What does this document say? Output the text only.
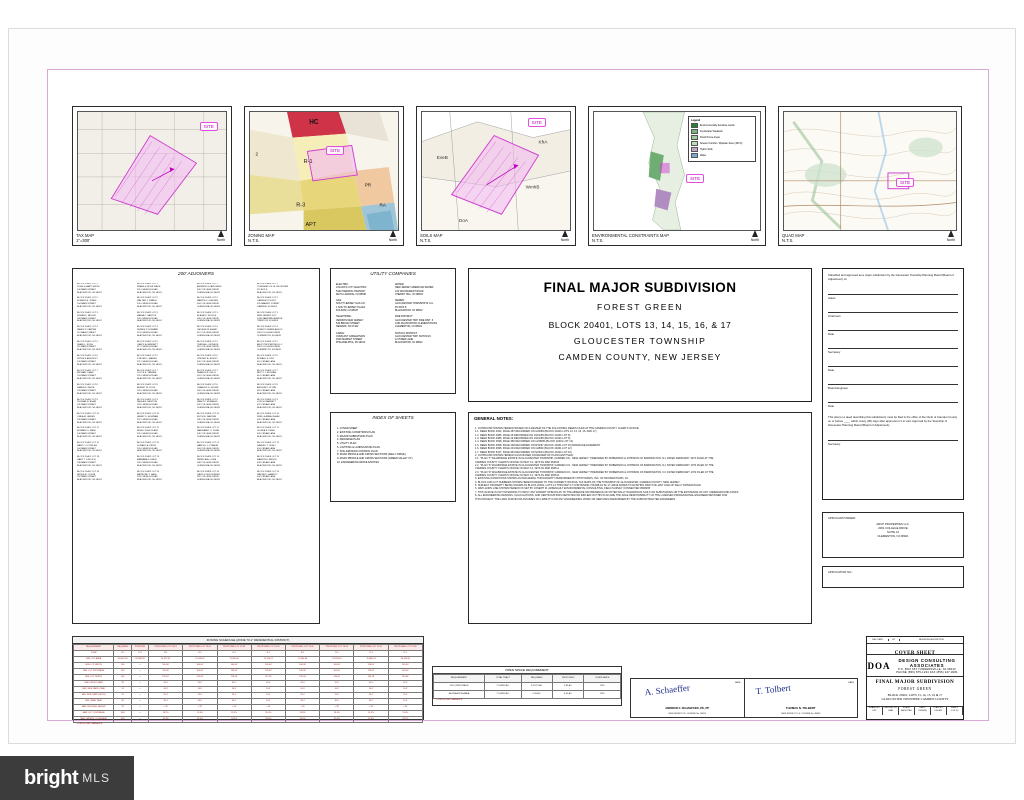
SITE
TAX MAP
1"=300'	North
HC
R-1
R-3
APT
PR
RA
2
SITE
ZONING MAP
N.T.S.	North
EveB
KfrA
WmhB
DoA
SITE
SOILS MAP
N.T.S.	North
SITE
Legend
Environmentally Sensitive Lands
Freshwater Wetlands
Flood Prone Areas
Stream Corridor / Riparian Zone (300 ft)
Hydric Soils
Water
ENVIRONMENTAL CONSTRAINTS MAP
N.T.S.	North
SITE
QUAD MAP
N.T.S.	North
200' ADJOINERS
BLOCK 20401 LOT 1
JOHN & MARY SMITH
100 MAIN STREET
BLACKWOOD, NJ 08012
BLOCK 20401 LOT 2
ROBERT A. JONES
104 MAIN STREET
BLACKWOOD, NJ 08012
BLOCK 20401 LOT 3
SUSAN K. MILLER
108 MAIN STREET
BLACKWOOD, NJ 08012
BLOCK 20401 LOT 4
JAMES P. CARTER
112 MAIN STREET
BLACKWOOD, NJ 08012
BLOCK 20401 LOT 5
DIANE L. ROSS
116 MAIN STREET
BLACKWOOD, NJ 08012
BLOCK 20401 LOT 6
PETER & ANN HOLT
120 MAIN STREET
BLACKWOOD, NJ 08012
BLOCK 20401 LOT 7
MICHAEL DEAN
124 MAIN STREET
BLACKWOOD, NJ 08012
BLOCK 20401 LOT 8
KAREN F. WHITE
128 MAIN STREET
BLACKWOOD, NJ 08012
BLOCK 20401 LOT 9
THOMAS R. BLAIR
132 MAIN STREET
BLACKWOOD, NJ 08012
BLOCK 20401 LOT 10
LINDA M. GREEN
136 MAIN STREET
BLACKWOOD, NJ 08012
BLOCK 20401 LOT 11
EDWARD S. PAGE
140 MAIN STREET
BLACKWOOD, NJ 08012
BLOCK 20401 LOT 12
NANCY J. FOWLER
144 MAIN STREET
BLACKWOOD, NJ 08012
BLOCK 20401 LOT 18
GARY T. LINCOLN
148 MAIN STREET
BLACKWOOD, NJ 08012
BLOCK 20401 LOT 19
HELEN R. COSTA
152 MAIN STREET
BLACKWOOD, NJ 08012
BLOCK 20402 LOT 1
FRANK & ROSE DAVIS
201 CHURCH ROAD
BLACKWOOD, NJ 08012
BLOCK 20402 LOT 2
WALTER J. KIMBLE
205 CHURCH ROAD
BLACKWOOD, NJ 08012
BLOCK 20402 LOT 3
MARIA C. SANTOS
209 CHURCH ROAD
BLACKWOOD, NJ 08012
BLOCK 20402 LOT 4
DENNIS P. HOWARD
213 CHURCH ROAD
BLACKWOOD, NJ 08012
BLOCK 20402 LOT 5
CAROL A. BENNETT
217 CHURCH ROAD
BLACKWOOD, NJ 08012
BLOCK 20402 LOT 6
STEVEN L. MARSH
221 CHURCH ROAD
BLACKWOOD, NJ 08012
BLOCK 20402 LOT 7
JOYCE E. TANNER
225 CHURCH ROAD
BLACKWOOD, NJ 08012
BLOCK 20402 LOT 8
ALBERT W. FOSS
229 CHURCH ROAD
BLACKWOOD, NJ 08012
BLOCK 20402 LOT 9
PAULA R. NEWTON
233 CHURCH ROAD
BLACKWOOD, NJ 08012
BLOCK 20402 LOT 10
HENRY D. BOWMAN
237 CHURCH ROAD
BLACKWOOD, NJ 08012
BLOCK 20402 LOT 11
RITA & JOHN CLARY
241 CHURCH ROAD
BLACKWOOD, NJ 08012
BLOCK 20402 LOT 12
DONALD A. PRICE
245 CHURCH ROAD
BLACKWOOD, NJ 08012
BLOCK 20402 LOT 13
BARBARA S. KEEN
249 CHURCH ROAD
BLACKWOOD, NJ 08012
BLOCK 20402 LOT 14
RAYMOND T. HALE
253 CHURCH ROAD
BLACKWOOD, NJ 08012
BLOCK 20403 LOT 1
ANDREW & KATE REED
300 COLLEGE DRIVE
GLENDORA, NJ 08029
BLOCK 20403 LOT 2
MARTIN V. OSBORN
304 COLLEGE DRIVE
GLENDORA, NJ 08029
BLOCK 20403 LOT 3
ELAINE F. WOODS
308 COLLEGE DRIVE
GLENDORA, NJ 08029
BLOCK 20403 LOT 4
GEORGE M. ASHBY
312 COLLEGE DRIVE
GLENDORA, NJ 08029
BLOCK 20403 LOT 5
TERESA L. MONROE
316 COLLEGE DRIVE
GLENDORA, NJ 08029
BLOCK 20403 LOT 6
VINCENT A. RUSSO
320 COLLEGE DRIVE
GLENDORA, NJ 08029
BLOCK 20403 LOT 7
SHARON E. KELLY
324 COLLEGE DRIVE
GLENDORA, NJ 08029
BLOCK 20403 LOT 8
CHARLES D. NOLAN
328 COLLEGE DRIVE
GLENDORA, NJ 08029
BLOCK 20403 LOT 9
JANET P. MORALES
332 COLLEGE DRIVE
GLENDORA, NJ 08029
BLOCK 20403 LOT 10
KEITH R. SAWYER
336 COLLEGE DRIVE
GLENDORA, NJ 08029
BLOCK 20403 LOT 11
MARGARET O. DUNN
340 COLLEGE DRIVE
GLENDORA, NJ 08029
BLOCK 20403 LOT 12
HAROLD J. STRAUB
344 COLLEGE DRIVE
GLENDORA, NJ 08029
BLOCK 20403 LOT 13
PATRICIA A. LOWE
348 COLLEGE DRIVE
GLENDORA, NJ 08029
BLOCK 20403 LOT 14
DAVID & SUE NORRIS
352 COLLEGE DRIVE
GLENDORA, NJ 08029
BLOCK 20404 LOT 1
TOWNSHIP OF GLOUCESTER
PO BOX 8
BLACKWOOD, NJ 08012
BLOCK 20404 LOT 2
CAMDEN COUNTY
520 MARKET STREET
CAMDEN, NJ 08102
BLOCK 20404 LOT 3
NEW JERSEY DOT
1035 PARKWAY AVENUE
TRENTON, NJ 08625
BLOCK 20404 LOT 4
FOREST GREEN ASSOC.
2001 COLLEGE DRIVE
CLEMENTON, NJ 08021
BLOCK 20404 LOT 5
ARCP PROPERTIES LLC
2001 COLLEGE DRIVE
CLEMENTON, NJ 08021
BLOCK 20404 LOT 6
RONALD K. IVEY
410 CEDAR LANE
BLACKWOOD, NJ 08012
BLOCK 20404 LOT 7
BETTY J. MCLEAN
414 CEDAR LANE
BLACKWOOD, NJ 08012
BLOCK 20404 LOT 8
ARTHUR P. FLYNN
418 CEDAR LANE
BLACKWOOD, NJ 08012
BLOCK 20404 LOT 9
LOIS M. BARRETT
422 CEDAR LANE
BLACKWOOD, NJ 08012
BLOCK 20404 LOT 10
FRED & ANNA CHASE
426 CEDAR LANE
BLACKWOOD, NJ 08012
BLOCK 20404 LOT 11
GLORIA R. PENN
430 CEDAR LANE
BLACKWOOD, NJ 08012
BLOCK 20404 LOT 12
SAMUEL T. ODELL
434 CEDAR LANE
BLACKWOOD, NJ 08012
BLOCK 20404 LOT 13
MARION E. BRUCE
438 CEDAR LANE
BLACKWOOD, NJ 08012
BLOCK 20404 LOT 14
WAYNE F. GARRITY
442 CEDAR LANE
BLACKWOOD, NJ 08012
UTILITY COMPANIES
ELECTRIC:
ATLANTIC CITY ELECTRIC
5100 HARDING HIGHWAY
MAYS LANDING, NJ 08330
GAS:
SOUTH JERSEY GAS CO.
1 SOUTH JERSEY PLAZA
FOLSOM, NJ 08037
TELEPHONE:
VERIZON NEW JERSEY
540 BROAD STREET
NEWARK, NJ 07102
CABLE:
COMCAST CABLEVISION
1500 MARKET STREET
PHILADELPHIA, PA 19102
WATER:
NEW JERSEY AMERICAN WATER
131 WOODCREST ROAD
CHERRY HILL, NJ 08003
SEWER:
GLOUCESTER TOWNSHIP M.U.A.
PO BOX 8
BLACKWOOD, NJ 08012
FIRE DISTRICT:
GLOUCESTER TWP. FIRE DIST. 3
1261 BLACKWOOD CLEMENTON RD
CLEMENTON, NJ 08021
SCHOOL DISTRICT:
GLOUCESTER TWP. SCHOOLS
12 HIDER LANE
BLACKWOOD, NJ 08012
INDEX OF SHEETS
1. COVER SHEET
2. EXISTING CONDITIONS PLAN
3. MAJOR SUBDIVISION PLAN
4. DRAINAGE PLAN
5. UTILITY PLAN
6. LIGHTING & LANDSCAPING PLAN
7. SOIL EROSION CONTROL PLAN
8. ROAD PROFILE AND CROSS SECTIONS (KELLY DRIVE)
9. ROAD PROFILE AND CROSS SECTIONS (GREEN VALLEY CT)
10. ENGINEERING DETAILS/NOTES
FINAL MAJOR SUBDIVISION
FOREST GREEN
BLOCK 20401, LOTS 13, 14, 15, 16, & 17
GLOUCESTER TOWNSHIP
CAMDEN COUNTY, NEW JERSEY
GENERAL NOTES:
1. OUTBOUND SHOWN HEREON BASED ON A REVIEW OF THE FOLLOWING DEEDS FILED AT THE CAMDEN COUNTY CLERK'S OFFICE:
1.1. DEED BOOK 4032, PAGE 487 RECORDED ON 1/20/89 (BLOCK 20401 LOTS 13, 14, 15, 16, AND 17)
1.2. DEED BOOK 4086, PAGE 26 RECORDED ON 10/21/89 (BLOCK 20401 LOT 8)
1.3. DEED BOOK 4086, PAGE 29 RECORDED ON 10/21/89 (BLOCK 20401 LOT 9)
1.4. DEED BOOK 4848, PAGE 350 RECORDED ON 11/28/95 (BLOCK 20401 LOT 14)
1.5. DEED BOOK 4968, PAGE 248 RECORDED ON 8/11/97 (BLOCK 20401 LOT 15) DRAINAGE EASEMENT
1.6. DEED BOOK 4998, PAGE 201 RECORDED ON 11/8/00 (BLOCK 20401 LOT 12)
1.7. DEED BOOK 5167, PAGE 964 RECORDED ON 5/23/01 (BLOCK 20401 LOT 16)
2. OUTBOUND SHOWN HEREON ALSO BASED ON REVIEW OF PLANS ENTITLED:
2.1. "PLAN 'T' WILLBRIDGE ESTATE IN GLOUCESTER TOWNSHIP, CAMDEN CO., NEW JERSEY" PREPARED BY ROBERSON & JOHNSON OF BARRINGTON, NJ, DATED FEBRUARY 1972 FILED AT THE
CAMDEN COUNTY CLERK'S OFFICE ON MAY 14, 1973 AS MAP #945-B
2.2. "PLAN 'S' WILLBRIDGE ESTATE IN GLOUCESTER TOWNSHIP, CAMDEN CO., NEW JERSEY" PREPARED BY ROBERSON & JOHNSON OF BARRINGTON, NJ, DATED FEBRUARY 1972 FILED AT THE
CAMDEN COUNTY CLERK'S OFFICE ON MAY 14, 1973 AS MAP #945-A
2.3. "PLAN 'D' WILLBRIDGE ESTATE IN GLOUCESTER TOWNSHIP, CAMDEN CO., NEW JERSEY" PREPARED BY ROBERSON & JOHNSON OF BARRINGTON, NJ, DATED FEBRUARY 1972 FILED AT THE
CAMDEN COUNTY CLERK'S OFFICE ON MAY 14, 1973 AS MAP #945-D
3. EXISTING CONDITIONS SHOWN AS PER AERIAL TOPOGRAPHY PERFORMED BY PHOTOMAPS, INC. OF MOORESTOWN, NJ.
4. BLOCK AND LOT NUMBERS SHOWN HEREON REFER TO THE CURRENT OFFICIAL TAX MAPS OF THE TOWNSHIP OF GLOUCESTER, CAMDEN COUNTY, NEW JERSEY.
5. SUBJECT PROPERTY BEING KNOWN AS BLOCK 20401, LOTS 13 THROUGH 17 CONTAINING 728,848.91 SF 17.44916 ACRES TO EXISTING RIGHT-OF-WAY LINE OF KELLY DRIVER ROAD
6. WETLANDS LINE SHOWN HEREON IS SET BY JOSEPH M. ARSENAULT ENVIRONMENTAL CONSULTING, FIELD SURVEY CONNECTED 05/08/05
7. THIS OFFICE IS NOT INTENDING TO IMPLY ANY EXPERT OPINION AS TO THE ABSENCE OR PRESENCE OF POTENTIALLY HAZARDOUS SOILS OR SUBSTANCES OR THE EXISTENCE OF ANY UNDERGROUND TANKS.
8. ALL ENGINEERING DESIGNS, CALCULATIONS, AND CERTIFICATIONS DEPICTED OR IMPLIED ON THIS PLAN ARE THE SOLE RESPONSIBILITY OF THE LICENSED PROFESSIONAL ENGINEER RETAINED FOR
THIS PROJECT. THE LAND SURVEYOR ASSUMES NO LIABILITY FOR ANY ENGINEERING WORK OR SERVICES PERFORMED BY THE SUBCONTRACTED ENGINEERS.
Classified and approved as a major subdivision by the Gloucester Township Planning Board (Board of Adjustment) on
Attest
Chairman
Date
Secretary
Date
Board Engineer
Date
This plat (or a deed describing this subdivision) must be filed in the office of the Clerk of Camden County on or before ____ within ninety (90) days after approval or it is void. Approval by the Township of Gloucester Planning Board (Board of Adjustment).
Secretary
APPLICANT/OWNER:
ARCP PROPERTIES LLC.
2001 COLLEGE DRIVE
SUITE 12
CLEMENTON, NJ 08021
APPLICATION NO.:
ZONING SCHEDULE (ZONE "R-1" RESIDENTIAL DISTRICT)
REQUIREMENT	REQUIRED	EXISTING	PROPOSED LOT 13.01	PROPOSED LOT 13.02	PROPOSED LOT 13.03	PROPOSED LOT 13.04	PROPOSED LOT 13.05	PROPOSED LOT 13.06	PROPOSED LOT 13.07	PROPOSED LOT 13.08
ZONE	R-1	R-1	R-1	R-1	R-1	R-1	R-1	R-1	R-1	R-1
MIN. LOT AREA	10,000 S.F.	728,848.91	14,357.42	12,508.01	11,905.60	11,760.22	12,044.08	13,226.50	15,880.31	20,420.66
MIN. LOT WIDTH	100'	---	110.00'	100.00'	100.00'	100.00'	100.00'	105.00'	118.00'	140.00'
MIN. LOT FRONTAGE	100'	---	110.00'	100.00'	100.00'	100.00'	100.00'	105.00'	118.00'	140.00'
MIN. LOT DEPTH	100'	---	130.52'	125.08'	119.06'	117.60'	120.44'	126.00'	134.58'	145.86'
MIN. FRONT YARD	35'	---	35.0'	35.0'	35.0'	35.0'	35.0'	35.0'	35.0'	35.0'
MIN. SIDE YARD (ONE)	10'	---	10.0'	10.0'	10.0'	10.0'	10.0'	10.0'	10.0'	10.0'
MIN. SIDE YARD (BOTH)	25'	---	25.0'	25.0'	25.0'	25.0'	25.0'	25.0'	25.0'	25.0'
MIN. REAR YARD	30'	---	30.0'	30.0'	30.0'	30.0'	30.0'	30.0'	30.0'	30.0'
MAX. BUILDING HEIGHT	35'	---	< 35'	< 35'	< 35'	< 35'	< 35'	< 35'	< 35'	< 35'
MAX. LOT COVERAGE	30%	---	18.2%	19.4%	20.1%	20.4%	19.8%	18.6%	16.2%	13.0%
MAX. IMPERV. COVERAGE	45%	---	31.4%	33.0%	34.1%	34.6%	33.5%	31.8%	27.4%	22.1%
* = PROPOSED VARIANCE
OPEN SPACE REQUIREMENT
REQUIREMENT	TOTAL TRACT	REQUIRED	PROPOSED	COMPLIANCE
15% OPEN SPACE	17.44916 AC.	2.61737 AC.	2.92 AC.	YES
RECREATION AREA	17.44916 AC.	0.35 AC.	0.41 AC.	YES
* = PROPOSED VARIANCE
A. Schaeffer
ANDREW F. SCHAEFFER, PE, PP
NEW JERSEY P.E. LICENSE No. 38624
DATE T. Tolbert
THOMAS N. TOLBERT
NEW JERSEY P.L.S. LICENSE No. 38809
DATE
REV. DATE	BY	REVISION DESCRIPTION
COVER SHEET
DOA
DESIGN CONSULTING ASSOCIATES
P.O. BOX 667 TURNERSVILLE, NJ 08012
PHONE (856) 875-1234 FAX (856) 227-0081
FINAL MAJOR SUBDIVISION
FOREST GREEN
BLOCK 20401, LOTS 13, 14, 15, 16 & 17
GLOUCESTER TOWNSHIP, CAMDEN COUNTY
DRAWN BY:
DFT
CHECKED BY:
DMB
SCALE:
AS NOTED
DATE:
01/16/06
PLAN NO.:
05-0821
SHEET:
1 OF 10
bright MLS
